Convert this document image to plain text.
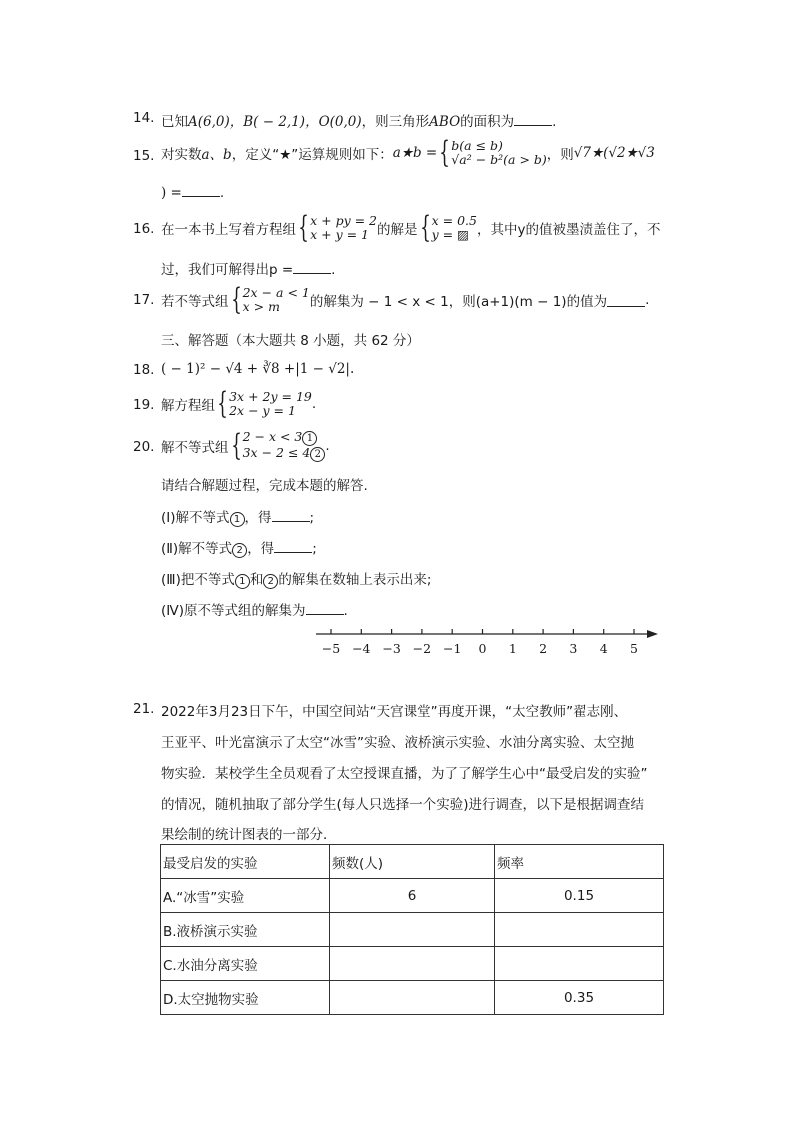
14. 已知A(6,0)，B( − 2,1)，O(0,0)，则三角形ABO的面积为	.
15. 对实数 a、b ，定义“★”运算规则如下： a★b = { b(a ≤ b)
√a² − b²(a > b) ，则 √7★(√2★√3
) =	.
16. 在一本书上写着方程组 { x + py = 2
x + y = 1 的解是 { x = 0.5
y = ▨ ，其中y的值被墨渍盖住了，不
过，我们可解得出p =	.
17. 若不等式组 { 2x − a < 1
x > m	的解集为 − 1 < x < 1，则(a+1)(m − 1)的值为	.
三、解答题（本大题共 8 小题，共 62 分）
18. ( − 1)² − √4 + ∛8 +|1 − √2|.
19. 解方程组 { 3x + 2y = 19
2x − y = 1	.
20. 解不等式组 { 2 − x < 3 1
3x − 2 ≤ 4 2
.
请结合解题过程，完成本题的解答.
(Ⅰ)解不等式 1 ，得	;
(Ⅱ)解不等式 2 ，得	;
(Ⅲ)把不等式 1 和 2 的解集在数轴上表示出来;
(Ⅳ)原不等式组的解集为	.
−5 −4 −3 −2 −1 0 1 2 3 4 5
21. 2022年3月23日下午，中国空间站“天宫课堂”再度开课，“太空教师”翟志刚、
王亚平、叶光富演示了太空“冰雪”实验、液桥演示实验、水油分离实验、太空抛
物实验．某校学生全员观看了太空授课直播，为了了解学生心中“最受启发的实验”
的情况，随机抽取了部分学生(每人只选择一个实验)进行调查，以下是根据调查结
果绘制的统计图表的一部分．
最受启发的实验	频数(人)	频率
A.“冰雪”实验	6	0.15
B.液桥演示实验		
C.水油分离实验		
D.太空抛物实验		0.35
